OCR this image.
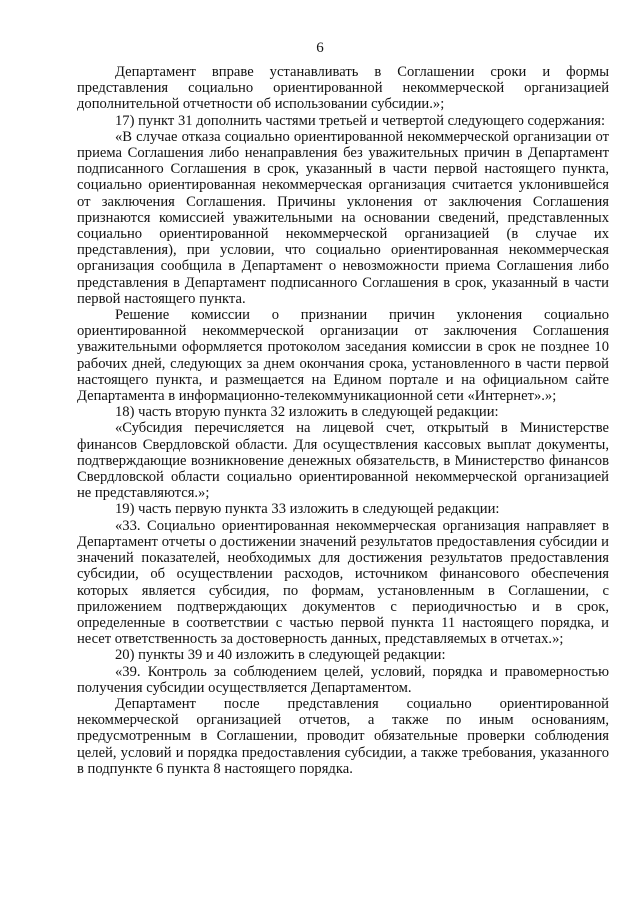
6

Департамент вправе устанавливать в Соглашении сроки и формы представления социально ориентированной некоммерческой организацией дополнительной отчетности об использовании субсидии.»;

17) пункт 31 дополнить частями третьей и четвертой следующего содержания:

«В случае отказа социально ориентированной некоммерческой организации от приема Соглашения либо ненаправления без уважительных причин в Департамент подписанного Соглашения в срок, указанный в части первой настоящего пункта, социально ориентированная некоммерческая организация считается уклонившейся от заключения Соглашения. Причины уклонения от заключения Соглашения признаются комиссией уважительными на основании сведений, представленных социально ориентированной некоммерческой организацией (в случае их представления), при условии, что социально ориентированная некоммерческая организация сообщила в Департамент о невозможности приема Соглашения либо представления в Департамент подписанного Соглашения в срок, указанный в части первой настоящего пункта.

Решение комиссии о признании причин уклонения социально ориентированной некоммерческой организации от заключения Соглашения уважительными оформляется протоколом заседания комиссии в срок не позднее 10 рабочих дней, следующих за днем окончания срока, установленного в части первой настоящего пункта, и размещается на Едином портале и на официальном сайте Департамента в информационно-телекоммуникационной сети «Интернет».»;

18) часть вторую пункта 32 изложить в следующей редакции:

«Субсидия перечисляется на лицевой счет, открытый в Министерстве финансов Свердловской области. Для осуществления кассовых выплат документы, подтверждающие возникновение денежных обязательств, в Министерство финансов Свердловской области социально ориентированной некоммерческой организацией не представляются.»;

19) часть первую пункта 33 изложить в следующей редакции:

«33. Социально ориентированная некоммерческая организация направляет в Департамент отчеты о достижении значений результатов предоставления субсидии и значений показателей, необходимых для достижения результатов предоставления субсидии, об осуществлении расходов, источником финансового обеспечения которых является субсидия, по формам, установленным в Соглашении, с приложением подтверждающих документов с периодичностью и в срок, определенные в соответствии с частью первой пункта 11 настоящего порядка, и несет ответственность за достоверность данных, представляемых в отчетах.»;

20) пункты 39 и 40 изложить в следующей редакции:

«39. Контроль за соблюдением целей, условий, порядка и правомерностью получения субсидии осуществляется Департаментом.

Департамент после представления социально ориентированной некоммерческой организацией отчетов, а также по иным основаниям, предусмотренным в Соглашении, проводит обязательные проверки соблюдения целей, условий и порядка предоставления субсидии, а также требования, указанного в подпункте 6 пункта 8 настоящего порядка.
